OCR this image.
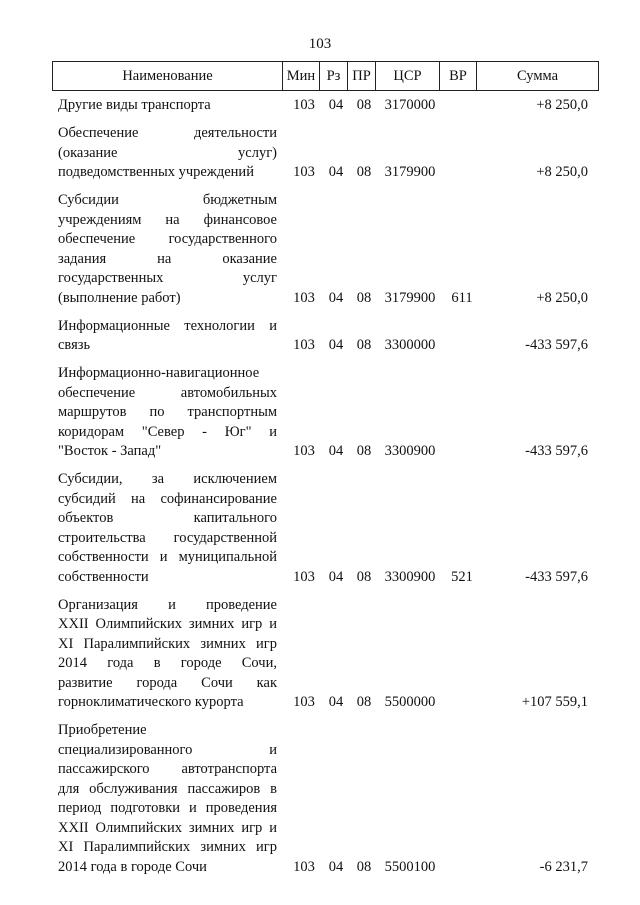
103
Наименование	Мин Рз ПР	ЦСР	ВР	Сумма
Другие виды транспорта	103 04 08 3170000	+8 250,0
Обеспечение деятельности
(оказание услуг)
подведомственных учреждений	103 04 08 3179900	+8 250,0
Субсидии бюджетным
учреждениям на финансовое
обеспечение государственного
задания на оказание
государственных услуг
(выполнение работ)	103 04 08 3179900	611	+8 250,0
Информационные технологии и
связь	103 04 08 3300000	-433 597,6
Информационно-навигационное
обеспечение автомобильных
маршрутов по транспортным
коридорам "Север - Юг" и
"Восток - Запад"	103 04 08 3300900	-433 597,6
Субсидии, за исключением
субсидий на софинансирование
объектов капитального
строительства государственной
собственности и муниципальной
собственности	103 04 08 3300900	521	-433 597,6
Организация и проведение
XXII Олимпийских зимних игр и
XI Паралимпийских зимних игр
2014 года в городе Сочи,
развитие города Сочи как
горноклиматического курорта	103 04 08 5500000	+107 559,1
Приобретение
специализированного и
пассажирского автотранспорта
для обслуживания пассажиров в
период подготовки и проведения
XXII Олимпийских зимних игр и
XI Паралимпийских зимних игр
2014 года в городе Сочи	103 04 08 5500100	-6 231,7
